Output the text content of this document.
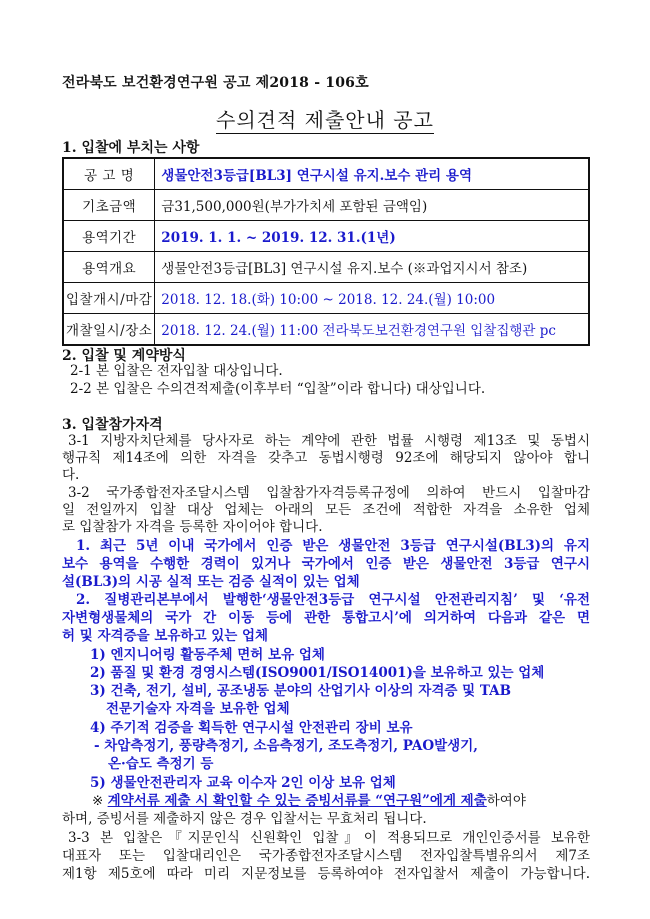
전라북도 보건환경연구원 공고 제2018 - 106호
수의견적 제출안내 공고
1. 입찰에 부치는 사항
공 고 명	생물안전3등급[BL3] 연구시설 유지.보수 관리 용역
기초금액	금31,500,000원(부가가치세 포함된 금액임)
용역기간	2019. 1. 1. ~ 2019. 12. 31.(1년)
용역개요	생물안전3등급[BL3] 연구시설 유지.보수 (※과업지시서 참조)
입찰개시/마감	2018. 12. 18.(화) 10:00 ~ 2018. 12. 24.(월) 10:00
개찰일시/장소	2018. 12. 24.(월) 11:00 전라북도보건환경연구원 입찰집행관 pc
2. 입찰 및 계약방식
2-1 본 입찰은 전자입찰 대상입니다.
2-2 본 입찰은 수의견적제출(이후부터 “입찰”이라 합니다) 대상입니다.
3. 입찰참가자격
3-1 지방자치단체를 당사자로 하는 계약에 관한 법률 시행령 제13조 및 동법시
행규칙 제14조에 의한 자격을 갖추고 동법시행령 92조에 해당되지 않아야 합니
다.
3-2 국가종합전자조달시스템 입찰참가자격등록규정에 의하여 반드시 입찰마감
일 전일까지 입찰 대상 업체는 아래의 모든 조건에 적합한 자격을 소유한 업체
로 입찰참가 자격을 등록한 자이어야 합니다.
1. 최근 5년 이내 국가에서 인증 받은 생물안전 3등급 연구시설(BL3)의 유지
보수 용역을 수행한 경력이 있거나 국가에서 인증 받은 생물안전 3등급 연구시
설(BL3)의 시공 실적 또는 검증 실적이 있는 업체
2. 질병관리본부에서 발행한‘생물안전3등급 연구시설 안전관리지침’ 및 ‘유전
자변형생물체의 국가 간 이동 등에 관한 통합고시’에 의거하여 다음과 같은 면
허 및 자격증을 보유하고 있는 업체
1) 엔지니어링 활동주체 면허 보유 업체
2) 품질 및 환경 경영시스템(ISO9001/ISO14001)을 보유하고 있는 업체
3) 건축, 전기, 설비, 공조냉동 분야의 산업기사 이상의 자격증 및 TAB
전문기술자 자격을 보유한 업체
4) 주기적 검증을 획득한 연구시설 안전관리 장비 보유
- 차압측정기, 풍량측정기, 소음측정기, 조도측정기, PAO발생기,
온·습도 측정기 등
5) 생물안전관리자 교육 이수자 2인 이상 보유 업체
※ 계약서류 제출 시 확인할 수 있는 증빙서류를 “연구원”에게 제출하여야
하며, 증빙서를 제출하지 않은 경우 입찰서는 무효처리 됩니다.
3-3 본 입찰은『지문인식 신원확인 입찰』이 적용되므로 개인인증서를 보유한
대표자 또는 입찰대리인은 국가종합전자조달시스템 전자입찰특별유의서 제7조
제1항 제5호에 따라 미리 지문정보를 등록하여야 전자입찰서 제출이 가능합니다.
